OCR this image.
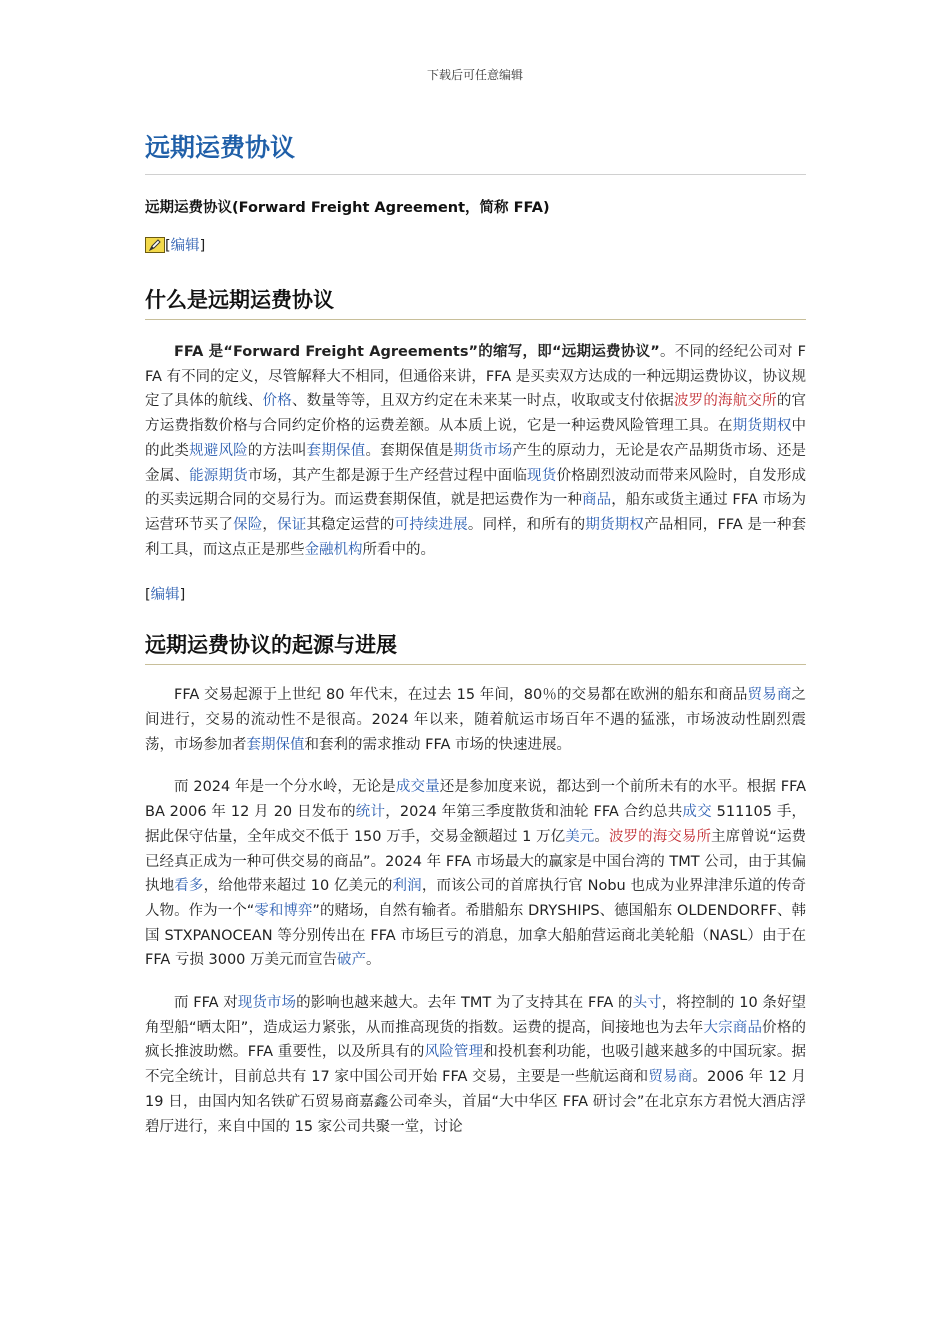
下载后可任意编辑
远期运费协议
远期运费协议(Forward Freight Agreement，简称 FFA)
[编辑]
什么是远期运费协议

FFA 是“Forward Freight Agreements”的缩写，即“远期运费协议”。不同的经纪公司对 FFA 有不同的定义，尽管解释大不相同，但通俗来讲，FFA 是买卖双方达成的一种远期运费协议，协议规定了具体的航线、价格、数量等等，且双方约定在未来某一时点，收取或支付依据波罗的海航交所的官方运费指数价格与合同约定价格的运费差额。从本质上说，它是一种运费风险管理工具。在期货期权中的此类规避风险的方法叫套期保值。套期保值是期货市场产生的原动力，无论是农产品期货市场、还是金属、能源期货市场，其产生都是源于生产经营过程中面临现货价格剧烈波动而带来风险时，自发形成的买卖远期合同的交易行为。而运费套期保值，就是把运费作为一种商品，船东或货主通过 FFA 市场为运营环节买了保险，保证其稳定运营的可持续进展。同样，和所有的期货期权产品相同，FFA 是一种套利工具，而这点正是那些金融机构所看中的。

[编辑]
远期运费协议的起源与进展

FFA 交易起源于上世纪 80 年代末，在过去 15 年间，80％的交易都在欧洲的船东和商品贸易商之间进行，交易的流动性不是很高。2024 年以来，随着航运市场百年不遇的猛涨，市场波动性剧烈震荡，市场参加者套期保值和套利的需求推动 FFA 市场的快速进展。

而 2024 年是一个分水岭，无论是成交量还是参加度来说，都达到一个前所未有的水平。根据 FFABA 2006 年 12 月 20 日发布的统计，2024 年第三季度散货和油轮 FFA 合约总共成交 511105 手，据此保守估量，全年成交不低于 150 万手，交易金额超过 1 万亿美元。波罗的海交易所主席曾说“运费已经真正成为一种可供交易的商品”。2024 年 FFA 市场最大的赢家是中国台湾的 TMT 公司，由于其偏执地看多，给他带来超过 10 亿美元的利润，而该公司的首席执行官 Nobu 也成为业界津津乐道的传奇人物。作为一个“零和博弈”的赌场，自然有输者。希腊船东 DRYSHIPS、德国船东 OLDENDORFF、韩国 STXPANOCEAN 等分别传出在 FFA 市场巨亏的消息，加拿大船舶营运商北美轮船（NASL）由于在 FFA 亏损 3000 万美元而宣告破产。

而 FFA 对现货市场的影响也越来越大。去年 TMT 为了支持其在 FFA 的头寸，将控制的 10 条好望角型船“晒太阳”，造成运力紧张，从而推高现货的指数。运费的提高，间接地也为去年大宗商品价格的疯长推波助燃。FFA 重要性，以及所具有的风险管理和投机套利功能，也吸引越来越多的中国玩家。据不完全统计，目前总共有 17 家中国公司开始 FFA 交易，主要是一些航运商和贸易商。2006 年 12 月 19 日，由国内知名铁矿石贸易商嘉鑫公司牵头，首届“大中华区 FFA 研讨会”在北京东方君悦大酒店浮碧厅进行，来自中国的 15 家公司共聚一堂，讨论
